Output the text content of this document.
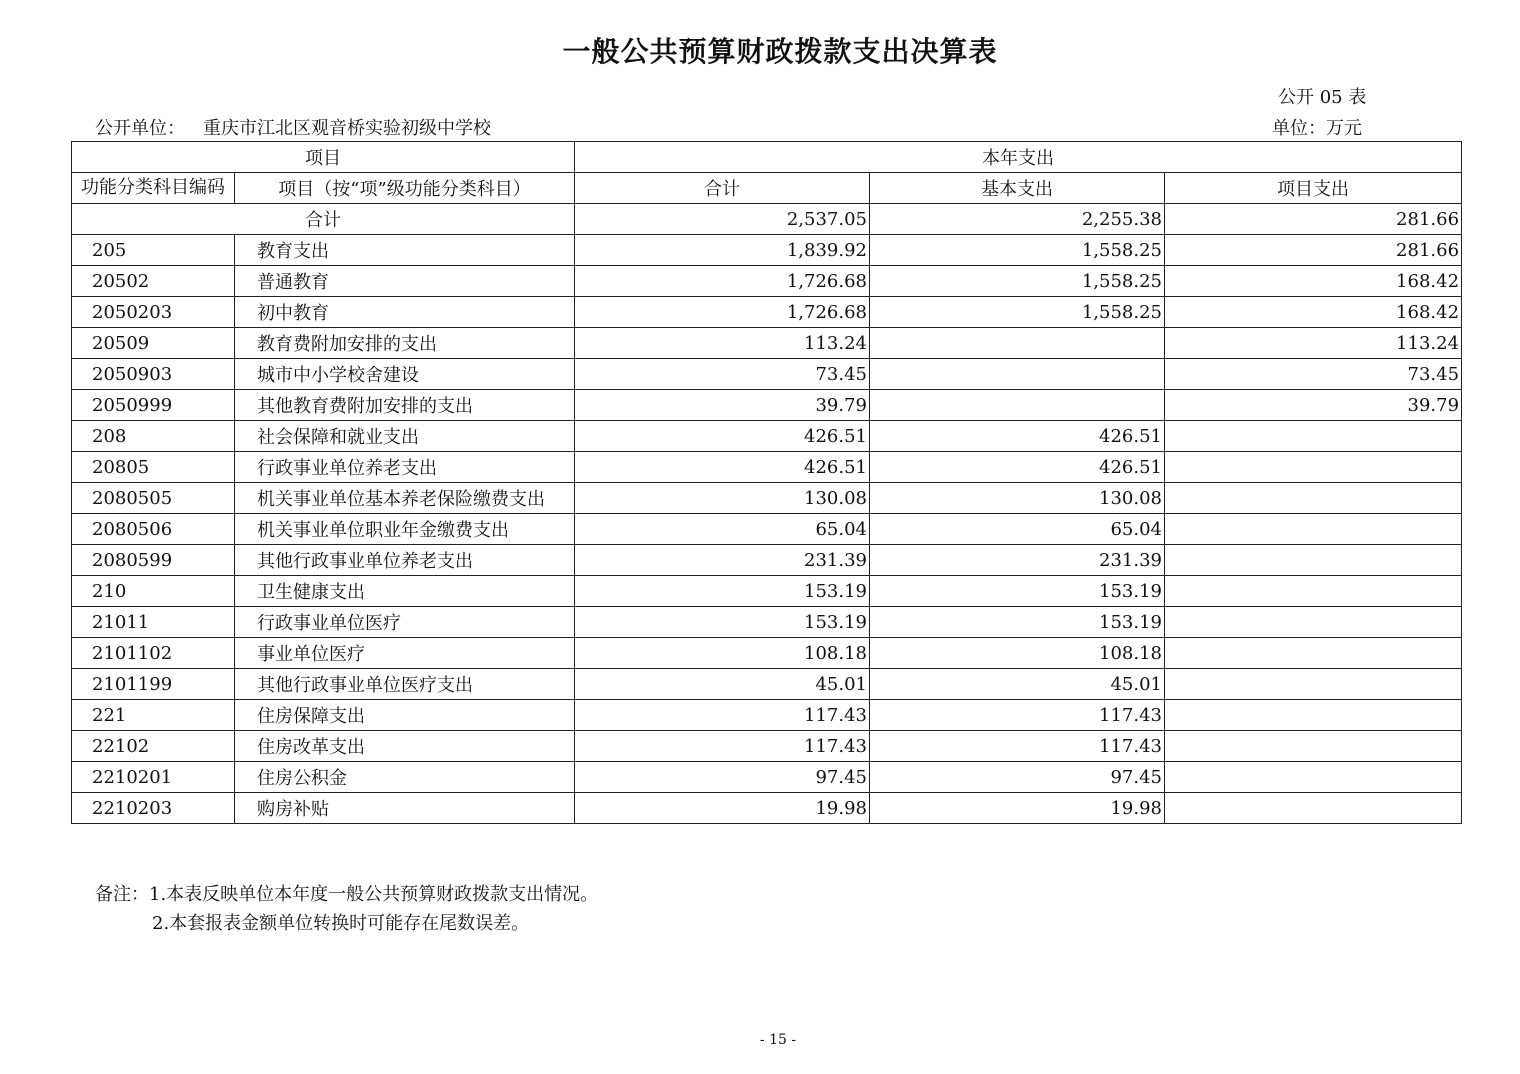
一般公共预算财政拨款支出决算表
公开 05 表
公开单位： 重庆市江北区观音桥实验初级中学校	单位：万元
项目		本年支出		
功能分类科目编码	项目（按“项”级功能分类科目）	合计	基本支出	项目支出
合计		2,537.05	2,255.38	281.66
205	教育支出	1,839.92	1,558.25	281.66
20502	普通教育	1,726.68	1,558.25	168.42
2050203	初中教育	1,726.68	1,558.25	168.42
20509	教育费附加安排的支出	113.24		113.24
2050903	城市中小学校舍建设	73.45		73.45
2050999	其他教育费附加安排的支出	39.79		39.79
208	社会保障和就业支出	426.51	426.51	
20805	行政事业单位养老支出	426.51	426.51	
2080505	机关事业单位基本养老保险缴费支出	130.08	130.08	
2080506	机关事业单位职业年金缴费支出	65.04	65.04	
2080599	其他行政事业单位养老支出	231.39	231.39	
210	卫生健康支出	153.19	153.19	
21011	行政事业单位医疗	153.19	153.19	
2101102	事业单位医疗	108.18	108.18	
2101199	其他行政事业单位医疗支出	45.01	45.01	
221	住房保障支出	117.43	117.43	
22102	住房改革支出	117.43	117.43	
2210201	住房公积金	97.45	97.45	
2210203	购房补贴	19.98	19.98	
备注：1.本表反映单位本年度一般公共预算财政拨款支出情况。
2.本套报表金额单位转换时可能存在尾数误差。
- 15 -
